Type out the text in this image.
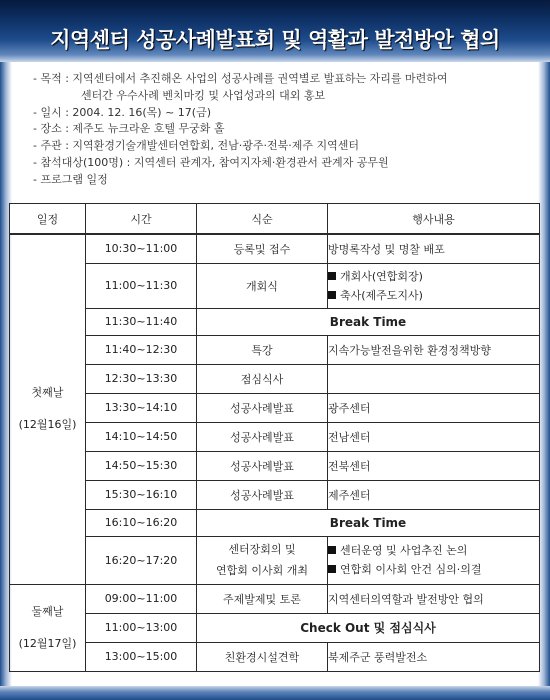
지역센터 성공사례발표회 및 역활과 발전방안 협의
- 목적 : 지역센터에서 추진해온 사업의 성공사례를 권역별로 발표하는 자리를 마련하여
센터간 우수사례 벤치마킹 및 사업성과의 대외 홍보
- 일시 : 2004. 12. 16(목) ~ 17(금)
- 장소 : 제주도 뉴크라운 호텔 무궁화 홀
- 주관 : 지역환경기술개발센터연합회, 전남·광주·전북·제주 지역센터
- 참석대상(100명) : 지역센터 관계자, 참여지자체·환경관서 관계자 공무원
- 프로그램 일정
일정	시간	식순	행사내용
첫째날
(12월16일)	10:30~11:00	등록및 접수	방명록작성 및 명찰 배포
	11:00~11:30	개회식	개회사(연합회장)
축사(제주도지사)

	11:30~11:40	Break Time	
	11:40~12:30	특강	지속가능발전을위한 환경정책방향
	12:30~13:30	점심식사	
	13:30~14:10	성공사례발표	광주센터
	14:10~14:50	성공사례발표	전남센터
	14:50~15:30	성공사례발표	전북센터
	15:30~16:10	성공사례발표	제주센터
	16:10~16:20	Break Time	
	16:20~17:20	센터장회의 및
연합회 이사회 개최	센터운영 및 사업추진 논의
연합회 이사회 안건 심의·의결

둘째날
(12월17일)	09:00~11:00	주제발제및 토론	지역센터의역할과 발전방안 협의
	11:00~13:00	Check Out 및 점심식사	
	13:00~15:00	친환경시설견학	북제주군 풍력발전소
